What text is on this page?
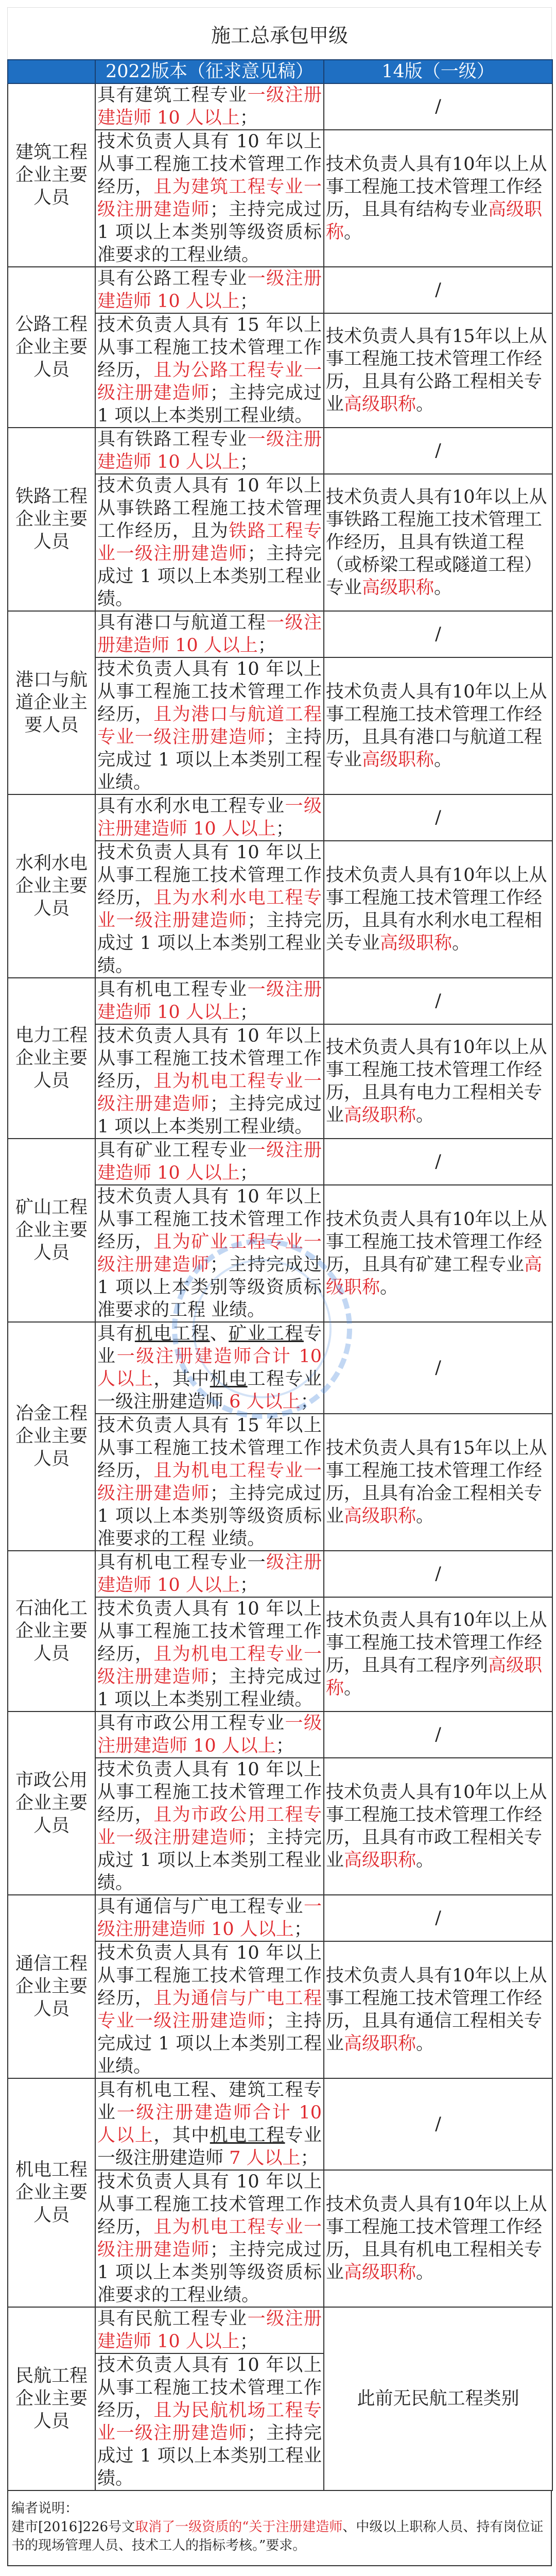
施工总承包甲级
	2022版本（征求意见稿）	14版（一级）
建筑工程企业主要人员	具有建筑工程专业一级注册建造师 10 人以上；	/
	技术负责人具有 10 年以上从事工程施工技术管理工作经历，且为建筑工程专业一级注册建造师；主持完成过 1 项以上本类别等级资质标准要求的工程业绩。	技术负责人具有10年以上从事工程施工技术管理工作经历，且具有结构专业高级职称。
公路工程企业主要人员	具有公路工程专业一级注册建造师 10 人以上；	/
	技术负责人具有 15 年以上从事工程施工技术管理工作经历，且为公路工程专业一级注册建造师；主持完成过 1 项以上本类别工程业绩。	技术负责人具有15年以上从事工程施工技术管理工作经历，且具有公路工程相关专业高级职称。
铁路工程企业主要人员	具有铁路工程专业一级注册建造师 10 人以上；	/
	技术负责人具有 10 年以上从事铁路工程施工技术管理工作经历，且为铁路工程专业一级注册建造师；主持完成过 1 项以上本类别工程业绩。	技术负责人具有10年以上从事铁路工程施工技术管理工作经历，且具有铁道工程（或桥梁工程或隧道工程）专业高级职称。
港口与航道企业主要人员	具有港口与航道工程一级注册建造师 10 人以上；	/
	技术负责人具有 10 年以上从事工程施工技术管理工作经历，且为港口与航道工程专业一级注册建造师；主持完成过 1 项以上本类别工程业绩。	技术负责人具有10年以上从事工程施工技术管理工作经历，且具有港口与航道工程专业高级职称。
水利水电企业主要人员	具有水利水电工程专业一级注册建造师 10 人以上；	/
	技术负责人具有 10 年以上从事工程施工技术管理工作经历，且为水利水电工程专业一级注册建造师；主持完成过 1 项以上本类别工程业绩。	技术负责人具有10年以上从事工程施工技术管理工作经历，且具有水利水电工程相关专业高级职称。
电力工程企业主要人员	具有机电工程专业一级注册建造师 10 人以上；	/
	技术负责人具有 10 年以上从事工程施工技术管理工作经历，且为机电工程专业一级注册建造师；主持完成过 1 项以上本类别工程业绩。	技术负责人具有10年以上从事工程施工技术管理工作经历，且具有电力工程相关专业高级职称。
矿山工程企业主要人员	具有矿业工程专业一级注册建造师 10 人以上；	/
	技术负责人具有 10 年以上从事工程施工技术管理工作经历，且为矿业工程专业一级注册建造师；主持完成过 1 项以上本类别等级资质标准要求的工程 业绩。	技术负责人具有10年以上从事工程施工技术管理工作经历，且具有矿建工程专业高级职称。
冶金工程企业主要人员	具有机电工程、矿业工程专业一级注册建造师合计 10 人以上，其中机电工程专业一级注册建造师 6 人以上；	/
	技术负责人具有 15 年以上从事工程施工技术管理工作经历，且为机电工程专业一级注册建造师；主持完成过 1 项以上本类别等级资质标准要求的工程 业绩。	技术负责人具有15年以上从事工程施工技术管理工作经历，且具有冶金工程相关专业高级职称。
石油化工企业主要人员	具有机电工程专业一级注册建造师 10 人以上；	/
	技术负责人具有 10 年以上从事工程施工技术管理工作经历，且为机电工程专业一级注册建造师；主持完成过 1 项以上本类别工程业绩。	技术负责人具有10年以上从事工程施工技术管理工作经历，且具有工程序列高级职称。
市政公用企业主要人员	具有市政公用工程专业一级注册建造师 10 人以上；	/
	技术负责人具有 10 年以上从事工程施工技术管理工作经历，且为市政公用工程专业一级注册建造师；主持完成过 1 项以上本类别工程业绩。	技术负责人具有10年以上从事工程施工技术管理工作经历，且具有市政工程相关专业高级职称。
通信工程企业主要人员	具有通信与广电工程专业一级注册建造师 10 人以上；	/
	技术负责人具有 10 年以上从事工程施工技术管理工作经历，且为通信与广电工程专业一级注册建造师；主持完成过 1 项以上本类别工程业绩。	技术负责人具有10年以上从事工程施工技术管理工作经历，且具有通信工程相关专业高级职称。
机电工程企业主要人员	具有机电工程、建筑工程专业一级注册建造师合计 10 人以上，其中机电工程专业一级注册建造师 7 人以上；	/
	技术负责人具有 10 年以上从事工程施工技术管理工作经历，且为机电工程专业一级注册建造师；主持完成过 1 项以上本类别等级资质标准要求的工程业绩。	技术负责人具有10年以上从事工程施工技术管理工作经历，且具有机电工程相关专业高级职称。
民航工程企业主要人员	具有民航工程专业一级注册建造师 10 人以上；	此前无民航工程类别
	技术负责人具有 10 年以上从事工程施工技术管理工作经历，且为民航机场工程专业一级注册建造师；主持完成过 1 项以上本类别工程业绩。	
编者说明：
建市[2016]226号文取消了一级资质的“关于注册建造师、中级以上职称人员、持有岗位证书的现场管理人员、技术工人的指标考核。”要求。
